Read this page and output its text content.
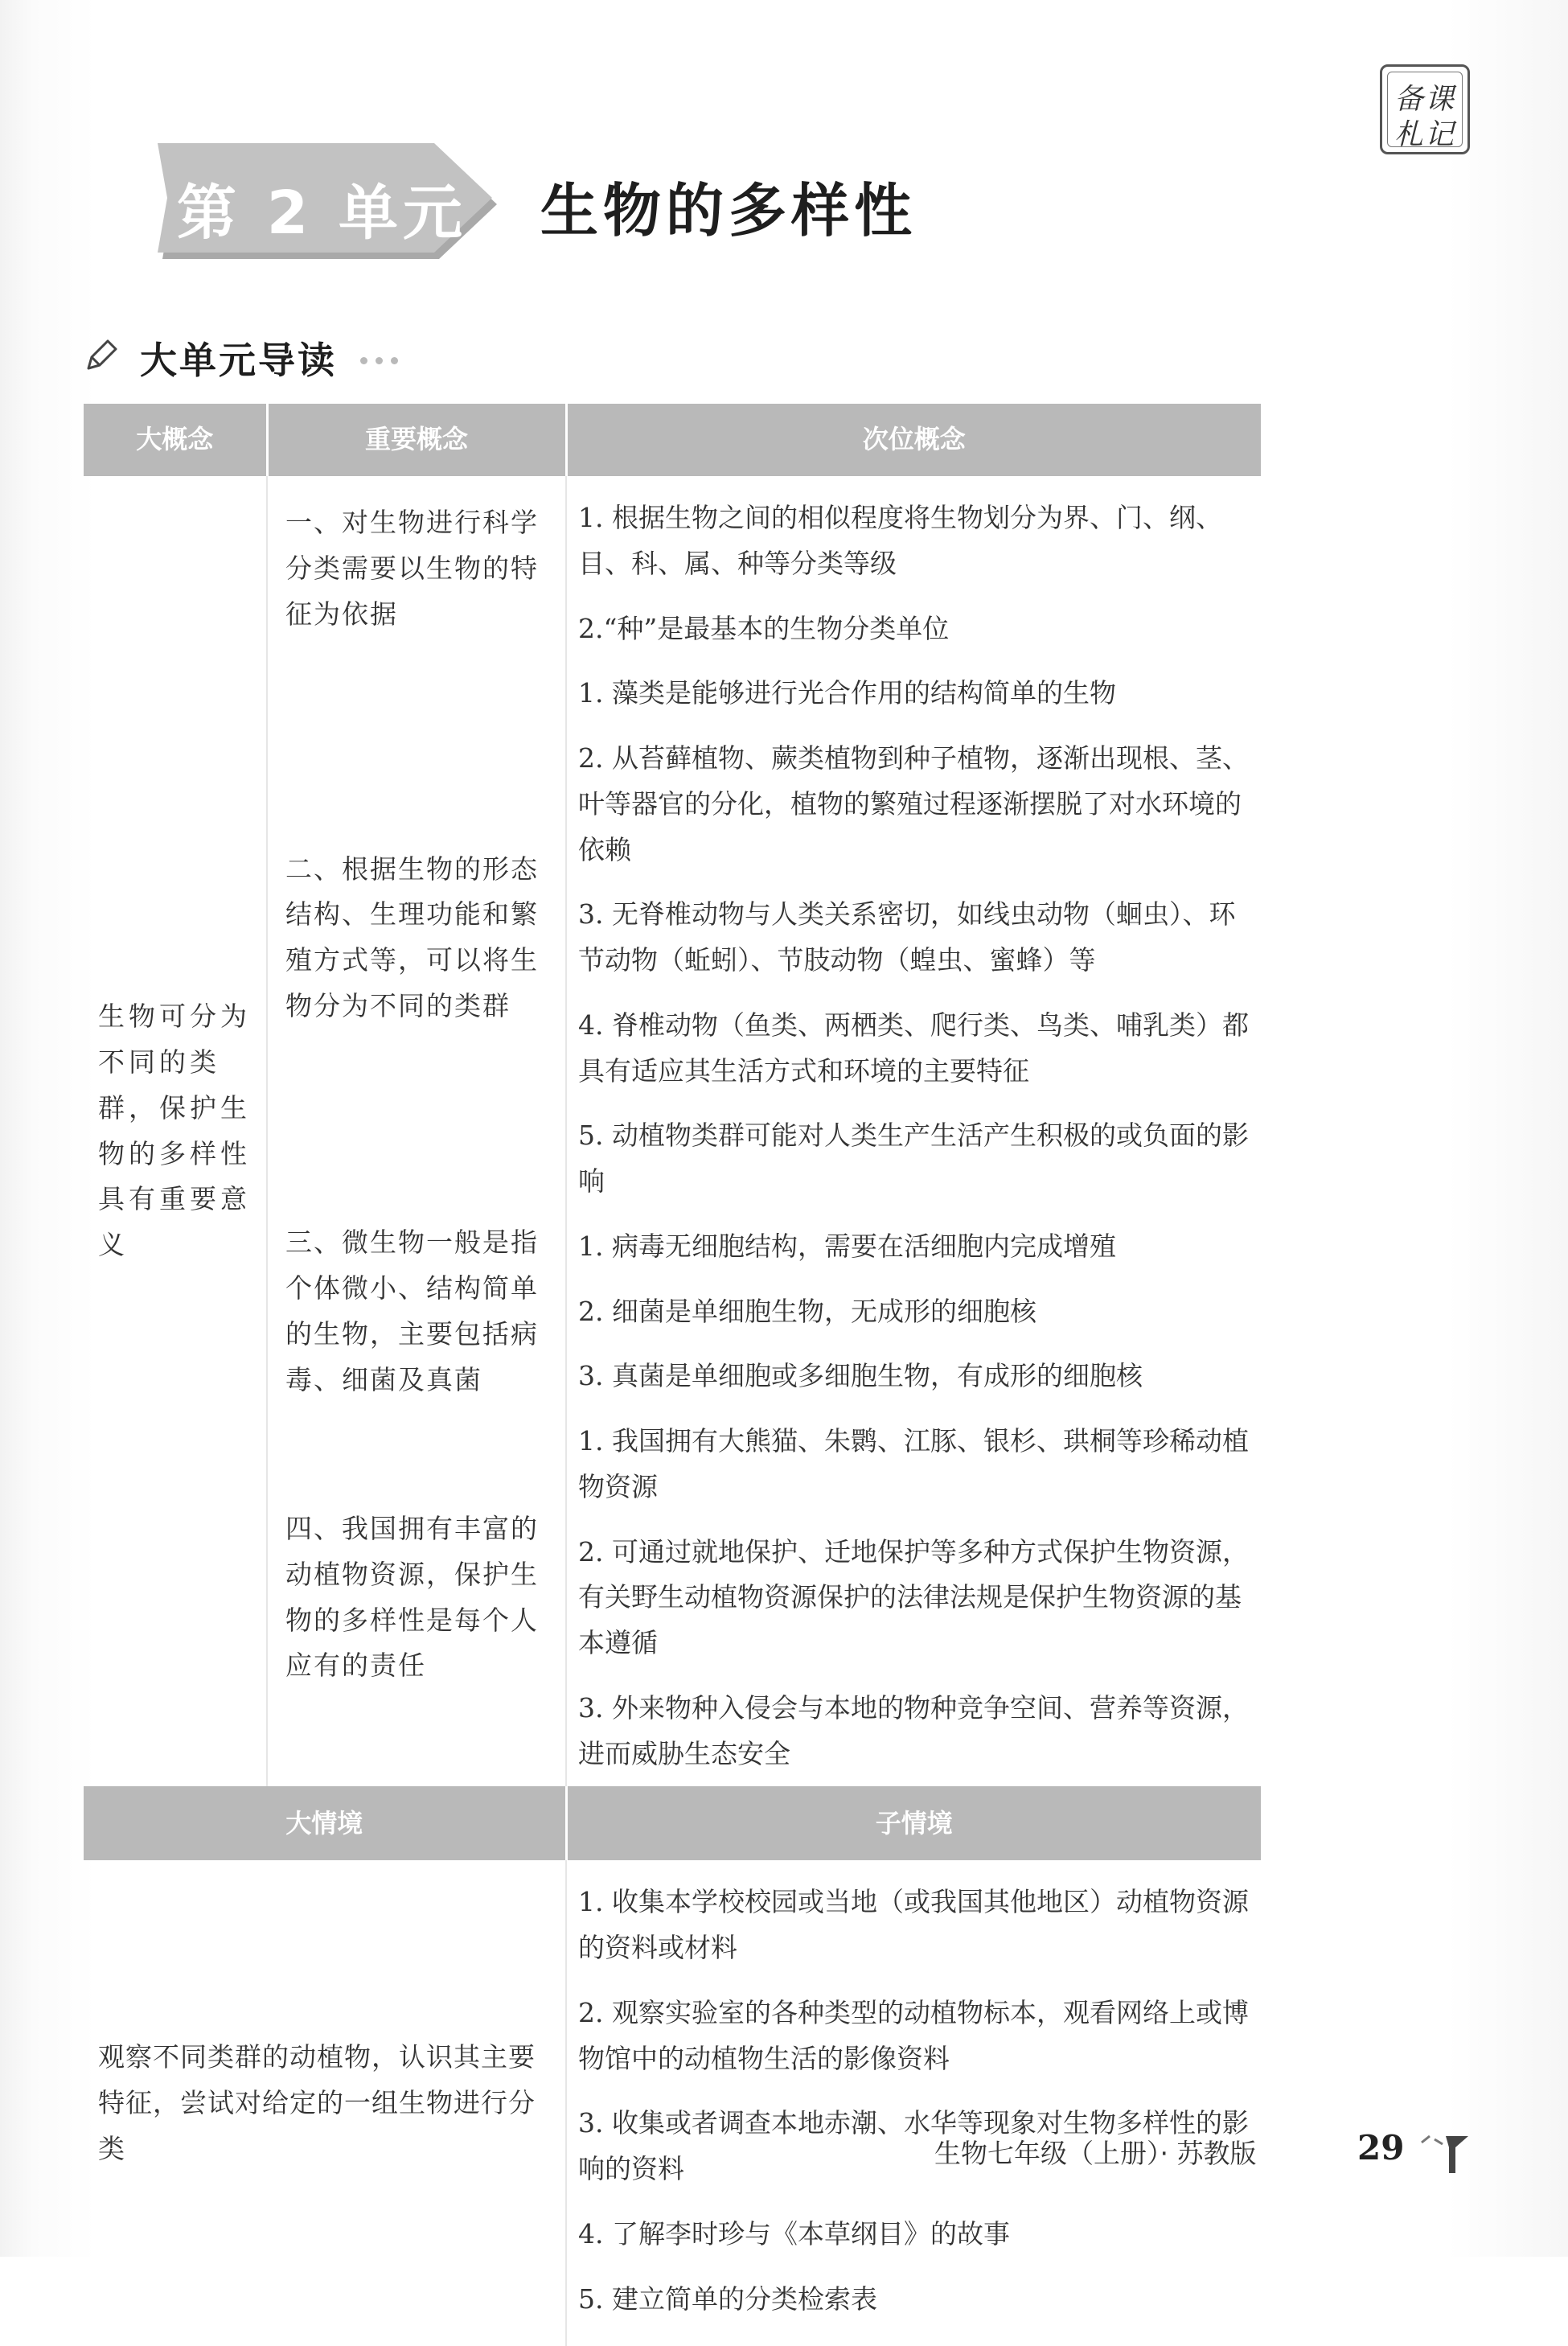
备课
札记
第 2 单元 生物的多样性
大单元导读
大概念	重要概念	次位概念
生物可分为不同的类群，保护生物的多样性具有重要意义	一、对生物进行科学分类需要以生物的特征为依据	1. 根据生物之间的相似程度将生物划分为界、门、纲、目、科、属、种等分类等级
		2.“种”是最基本的生物分类单位
	二、根据生物的形态结构、生理功能和繁殖方式等，可以将生物分为不同的类群	1. 藻类是能够进行光合作用的结构简单的生物
		2. 从苔藓植物、蕨类植物到种子植物，逐渐出现根、茎、叶等器官的分化，植物的繁殖过程逐渐摆脱了对水环境的依赖
		3. 无脊椎动物与人类关系密切，如线虫动物（蛔虫）、环节动物（蚯蚓）、节肢动物（蝗虫、蜜蜂）等
		4. 脊椎动物（鱼类、两栖类、爬行类、鸟类、哺乳类）都具有适应其生活方式和环境的主要特征
		5. 动植物类群可能对人类生产生活产生积极的或负面的影响
	三、微生物一般是指个体微小、结构简单的生物，主要包括病毒、细菌及真菌	1. 病毒无细胞结构，需要在活细胞内完成增殖
		2. 细菌是单细胞生物，无成形的细胞核
		3. 真菌是单细胞或多细胞生物，有成形的细胞核
	四、我国拥有丰富的动植物资源，保护生物的多样性是每个人应有的责任	1. 我国拥有大熊猫、朱鹮、江豚、银杉、珙桐等珍稀动植物资源
		2. 可通过就地保护、迁地保护等多种方式保护生物资源，有关野生动植物资源保护的法律法规是保护生物资源的基本遵循
		3. 外来物种入侵会与本地的物种竞争空间、营养等资源，进而威胁生态安全
大情境		子情境
观察不同类群的动植物，认识其主要特征，尝试对给定的一组生物进行分类		1. 收集本学校校园或当地（或我国其他地区）动植物资源的资料或材料
		2. 观察实验室的各种类型的动植物标本，观看网络上或博物馆中的动植物生活的影像资料
		3. 收集或者调查本地赤潮、水华等现象对生物多样性的影响的资料
		4. 了解李时珍与《本草纲目》的故事
		5. 建立简单的分类检索表
生物七年级（上册）· 苏教版	29
